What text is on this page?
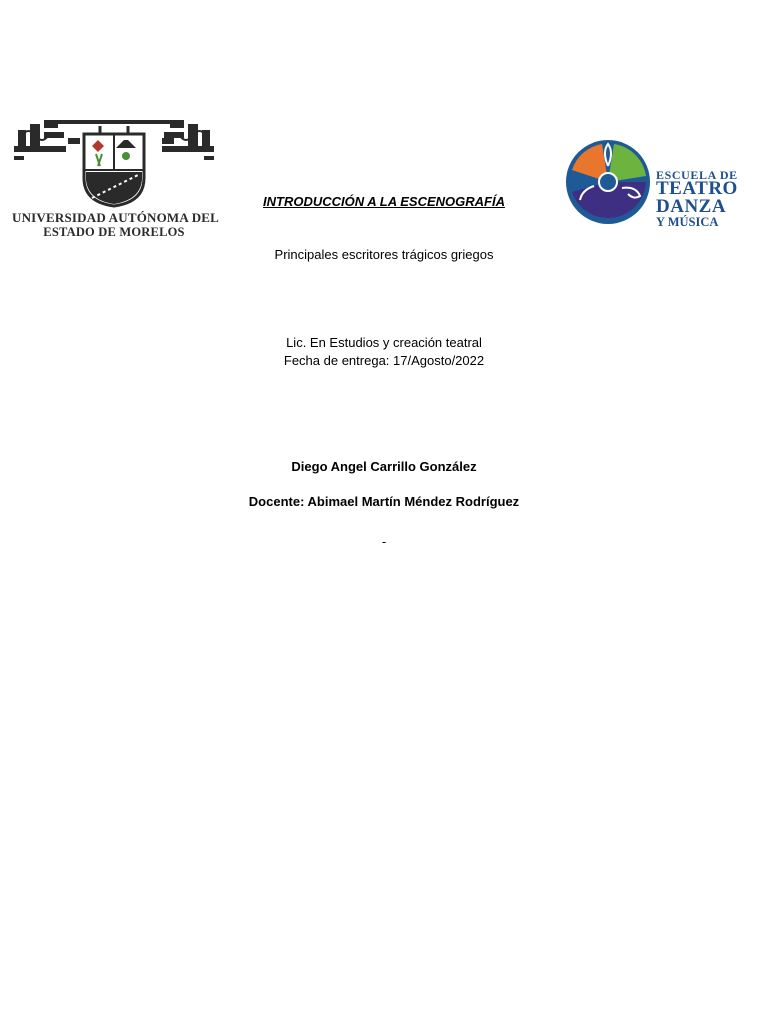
UNIVERSIDAD AUTÓNOMA DEL
ESTADO DE MORELOS
ESCUELA DE
TEATRO
DANZA
Y MÚSICA
INTRODUCCIÓN A LA ESCENOGRAFÍA
Principales escritores trágicos griegos
Lic. En Estudios y creación teatral
Fecha de entrega: 17/Agosto/2022
Diego Angel Carrillo González
Docente: Abimael Martín Méndez Rodríguez
-
